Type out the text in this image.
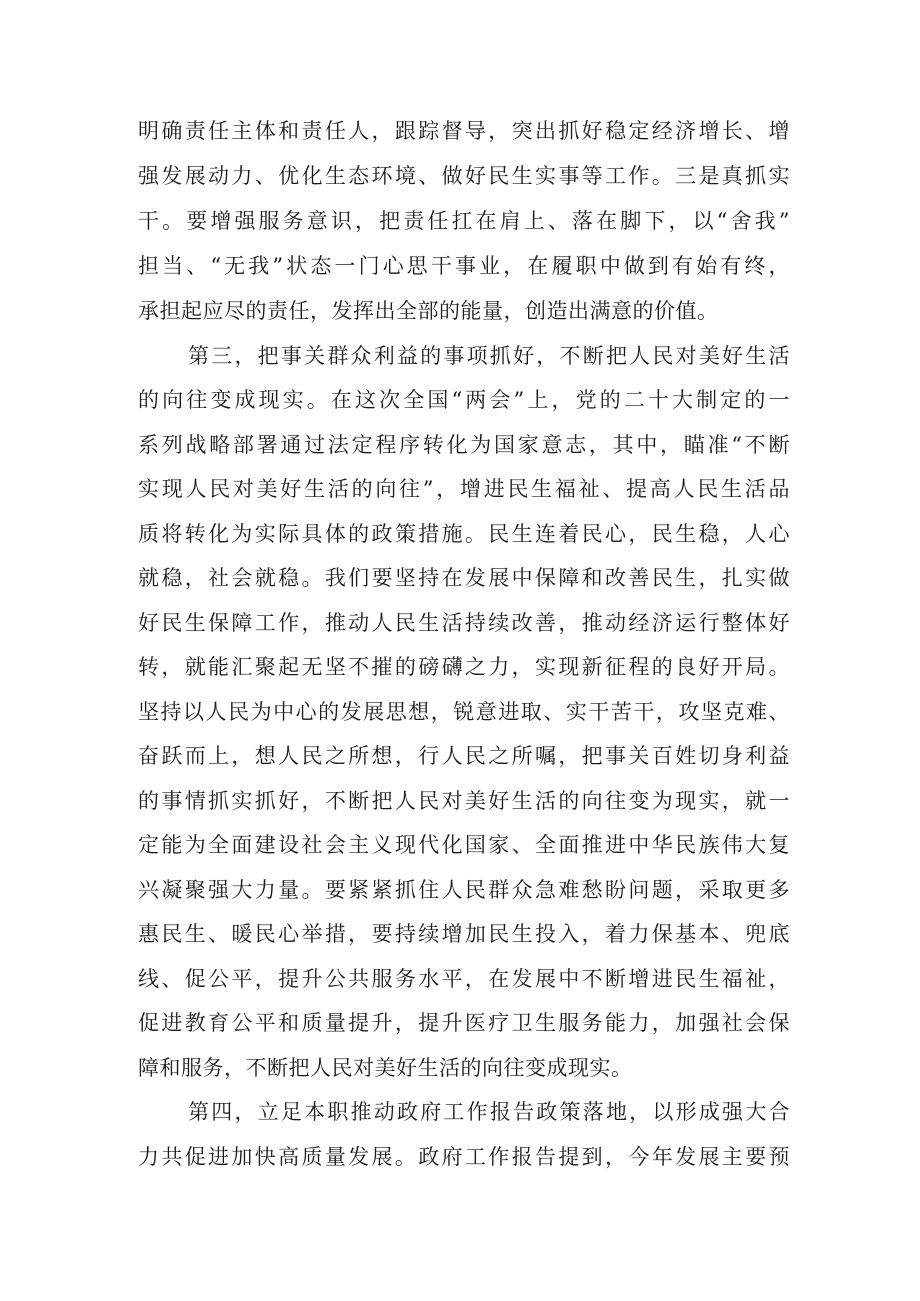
明确责任主体和责任人，跟踪督导，突出抓好稳定经济增长、增
强发展动力、优化生态环境、做好民生实事等工作。三是真抓实
干。要增强服务意识，把责任扛在肩上、落在脚下，以“舍我”
担当、“无我”状态一门心思干事业，在履职中做到有始有终，
承担起应尽的责任，发挥出全部的能量，创造出满意的价值。
第三，把事关群众利益的事项抓好，不断把人民对美好生活
的向往变成现实。在这次全国“两会”上，党的二十大制定的一
系列战略部署通过法定程序转化为国家意志，其中，瞄准“不断
实现人民对美好生活的向往”，增进民生福祉、提高人民生活品
质将转化为实际具体的政策措施。民生连着民心，民生稳，人心
就稳，社会就稳。我们要坚持在发展中保障和改善民生，扎实做
好民生保障工作，推动人民生活持续改善，推动经济运行整体好
转，就能汇聚起无坚不摧的磅礴之力，实现新征程的良好开局。
坚持以人民为中心的发展思想，锐意进取、实干苦干，攻坚克难、
奋跃而上，想人民之所想，行人民之所嘱，把事关百姓切身利益
的事情抓实抓好，不断把人民对美好生活的向往变为现实，就一
定能为全面建设社会主义现代化国家、全面推进中华民族伟大复
兴凝聚强大力量。要紧紧抓住人民群众急难愁盼问题，采取更多
惠民生、暖民心举措，要持续增加民生投入，着力保基本、兜底
线、促公平，提升公共服务水平，在发展中不断增进民生福祉，
促进教育公平和质量提升，提升医疗卫生服务能力，加强社会保
障和服务，不断把人民对美好生活的向往变成现实。
第四，立足本职推动政府工作报告政策落地，以形成强大合
力共促进加快高质量发展。政府工作报告提到，今年发展主要预
